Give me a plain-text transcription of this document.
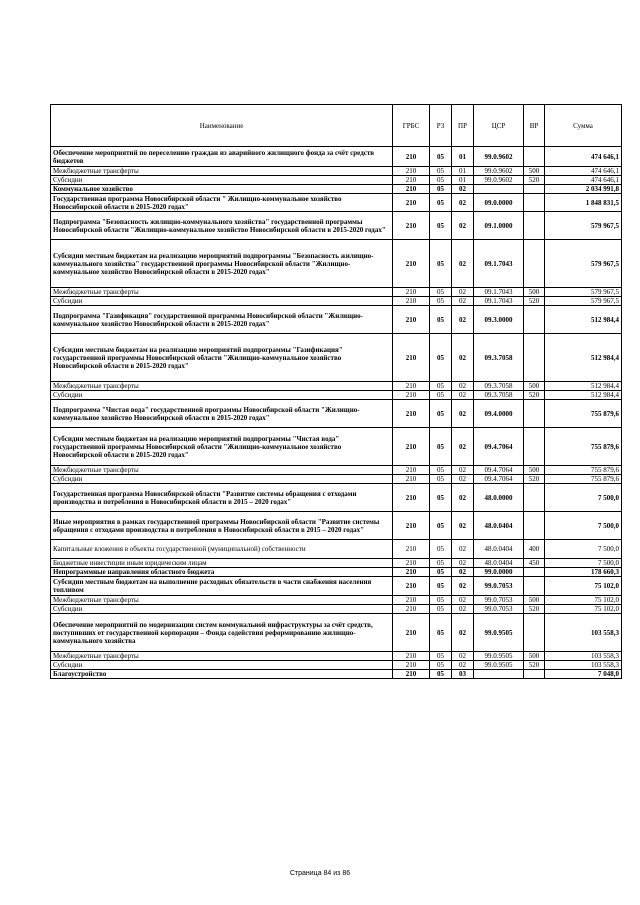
Наименование	ГРБС	РЗ	ПР	ЦСР	ВР	Сумма
Обеспечение мероприятий по переселению граждан из аварийного жилищного фонда за счёт средств бюджетов	210	05	01	99.0.9602		474 646,1
Межбюджетные трансферты	210	05	01	99.0.9602	500	474 646,1
Субсидии	210	05	01	99.0.9602	520	474 646,1
Коммунальное хозяйство	210	05	02			2 034 991,8
Государственная программа Новосибирской области " Жилищно-коммунальное хозяйство Новосибирской области в 2015-2020 годах"	210	05	02	09.0.0000		1 848 831,5
Подпрограмма "Безопасность жилищно-коммунального хозяйства" государственной программы Новосибирской области "Жилищно-коммунальное хозяйство Новосибирской области в 2015-2020 годах"	210	05	02	09.1.0000		579 967,5
Субсидии местным бюджетам на реализацию мероприятий подпрограммы "Безопасность жилищно-коммунального хозяйства" государственной программы Новосибирской области "Жилищно-коммунальное хозяйство Новосибирской области в 2015-2020 годах"	210	05	02	09.1.7043		579 967,5
Межбюджетные трансферты	210	05	02	09.1.7043	500	579 967,5
Субсидии	210	05	02	09.1.7043	520	579 967,5
Подпрограмма "Газификация" государственной программы Новосибирской области "Жилищно-коммунальное хозяйство Новосибирской области в 2015-2020 годах"	210	05	02	09.3.0000		512 984,4
Субсидии местным бюджетам на реализацию мероприятий подпрограммы "Газификация" государственной программы Новосибирской области "Жилищно-коммунальное хозяйство Новосибирской области в 2015-2020 годах"	210	05	02	09.3.7058		512 984,4
Межбюджетные трансферты	210	05	02	09.3.7058	500	512 984,4
Субсидии	210	05	02	09.3.7058	520	512 984,4
Подпрограмма "Чистая вода" государственной программы Новосибирской области "Жилищно-коммунальное хозяйство Новосибирской области в 2015-2020 годах"	210	05	02	09.4.0000		755 879,6
Субсидии местным бюджетам на реализацию мероприятий подпрограммы "Чистая вода" государственной программы Новосибирской области "Жилищно-коммунальное хозяйство Новосибирской области в 2015-2020 годах"	210	05	02	09.4.7064		755 879,6
Межбюджетные трансферты	210	05	02	09.4.7064	500	755 879,6
Субсидии	210	05	02	09.4.7064	520	755 879,6
Государственная программа Новосибирской области "Развитие системы обращения с отходами производства и потребления в Новосибирской области в 2015 – 2020 годах"	210	05	02	48.0.0000		7 500,0
Иные мероприятия в рамках государственной программы Новосибирской области "Развитие системы обращения с отходами производства и потребления в Новосибирской области в 2015 – 2020 годах"	210	05	02	48.0.0404		7 500,0
Капитальные вложения в объекты государственной (муниципальной) собственности	210	05	02	48.0.0404	400	7 500,0
Бюджетные инвестиции иным юридическим лицам	210	05	02	48.0.0404	450	7 500,0
Непрограммные направления областного бюджета	210	05	02	99.0.0000		178 660,3
Субсидии местным бюджетам на выполнение расходных обязательств в части снабжения населения топливом	210	05	02	99.0.7053		75 102,0
Межбюджетные трансферты	210	05	02	99.0.7053	500	75 102,0
Субсидии	210	05	02	99.0.7053	520	75 102,0
Обеспечение мероприятий по модернизации систем коммунальной инфраструктуры за счёт средств, поступивших от государственной корпорации – Фонда содействия реформированию жилищно-коммунального хозяйства	210	05	02	99.0.9505		103 558,3
Межбюджетные трансферты	210	05	02	99.0.9505	500	103 558,3
Субсидии	210	05	02	99.0.9505	520	103 558,3
Благоустройство	210	05	03			7 048,0
Страница 84 из 86
